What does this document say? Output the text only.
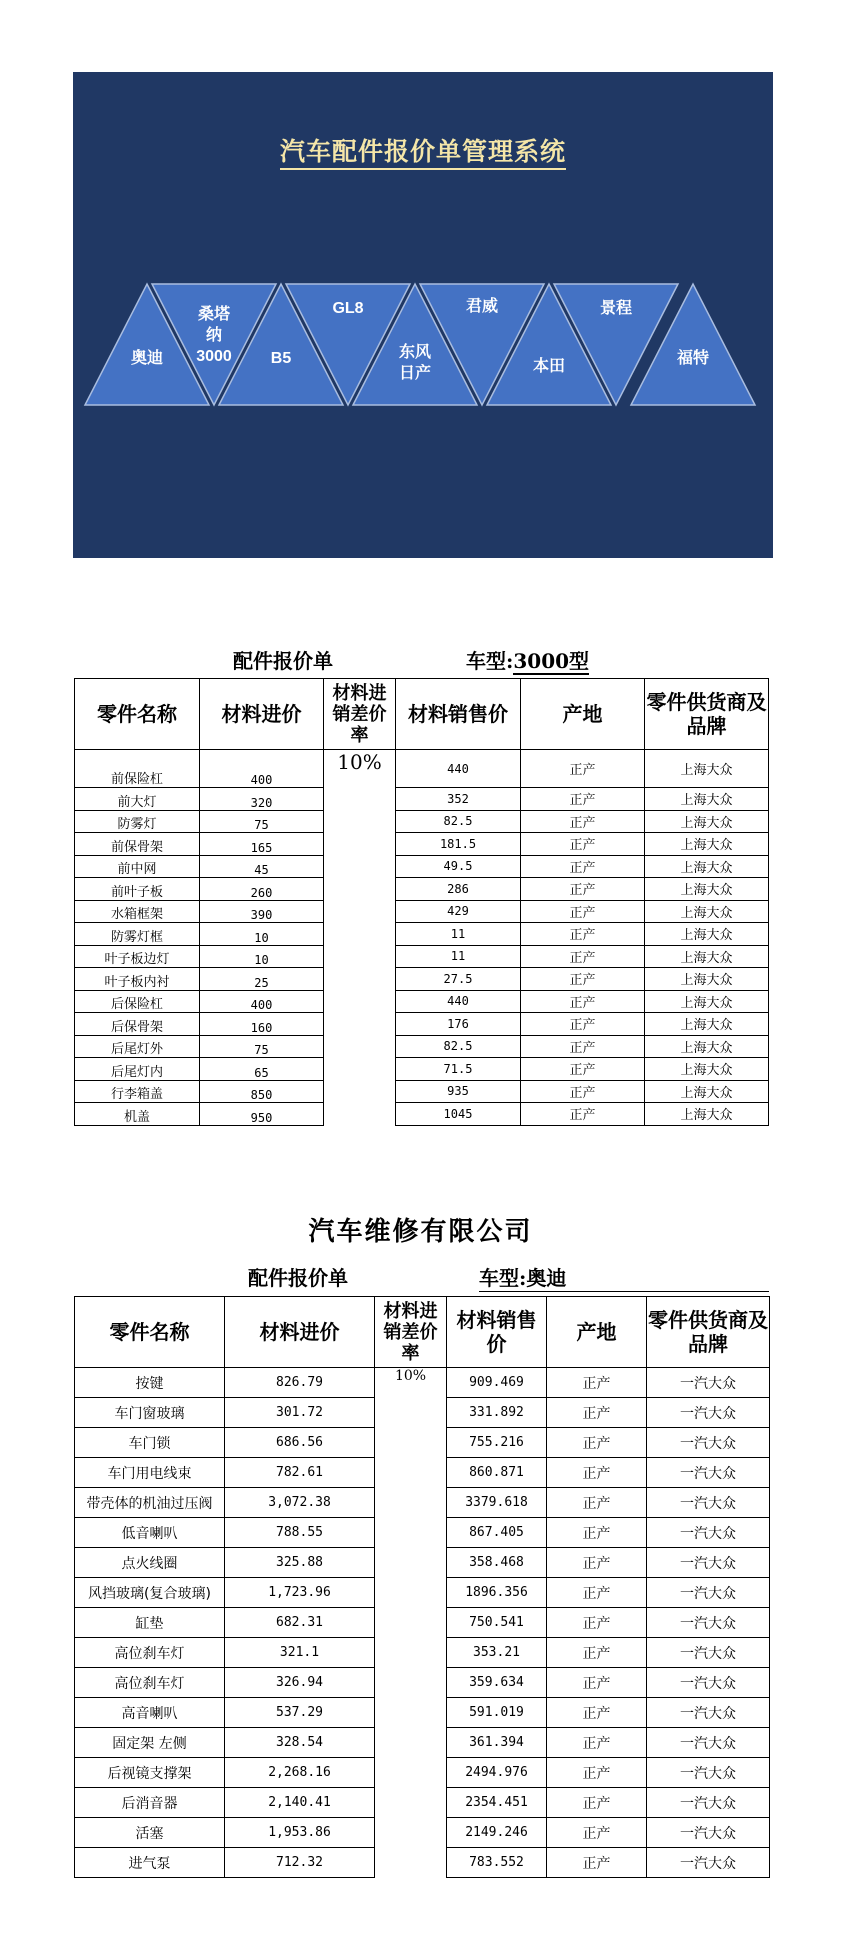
汽车配件报价单管理系统
奥迪
桑塔
纳
3000	B5
GL8
东风
日产
君威
本田
景程
福特
配件报价单	车型:3000型
零件名称	材料进价	材料进销差价率	材料销售价	产地	零件供货商及品牌
前保险杠	400	10%	440	正产	上海大众
前大灯	320		352	正产	上海大众
防雾灯	75		82.5	正产	上海大众
前保骨架	165		181.5	正产	上海大众
前中网	45		49.5	正产	上海大众
前叶子板	260		286	正产	上海大众
水箱框架	390		429	正产	上海大众
防雾灯框	10		11	正产	上海大众
叶子板边灯	10		11	正产	上海大众
叶子板内衬	25		27.5	正产	上海大众
后保险杠	400		440	正产	上海大众
后保骨架	160		176	正产	上海大众
后尾灯外	75		82.5	正产	上海大众
后尾灯内	65		71.5	正产	上海大众
行李箱盖	850		935	正产	上海大众
机盖	950		1045	正产	上海大众
汽车维修有限公司
配件报价单	车型:奥迪
零件名称	材料进价	材料进销差价率	材料销售价	产地	零件供货商及品牌
按键	826.79	10%	909.469	正产	一汽大众
车门窗玻璃	301.72		331.892	正产	一汽大众
车门锁	686.56		755.216	正产	一汽大众
车门用电线束	782.61		860.871	正产	一汽大众
带壳体的机油过压阀	3,072.38		3379.618	正产	一汽大众
低音喇叭	788.55		867.405	正产	一汽大众
点火线圈	325.88		358.468	正产	一汽大众
风挡玻璃(复合玻璃)	1,723.96		1896.356	正产	一汽大众
缸垫	682.31		750.541	正产	一汽大众
高位刹车灯	321.1		353.21	正产	一汽大众
高位刹车灯	326.94		359.634	正产	一汽大众
高音喇叭	537.29		591.019	正产	一汽大众
固定架 左侧	328.54		361.394	正产	一汽大众
后视镜支撑架	2,268.16		2494.976	正产	一汽大众
后消音器	2,140.41		2354.451	正产	一汽大众
活塞	1,953.86		2149.246	正产	一汽大众
进气泵	712.32		783.552	正产	一汽大众
